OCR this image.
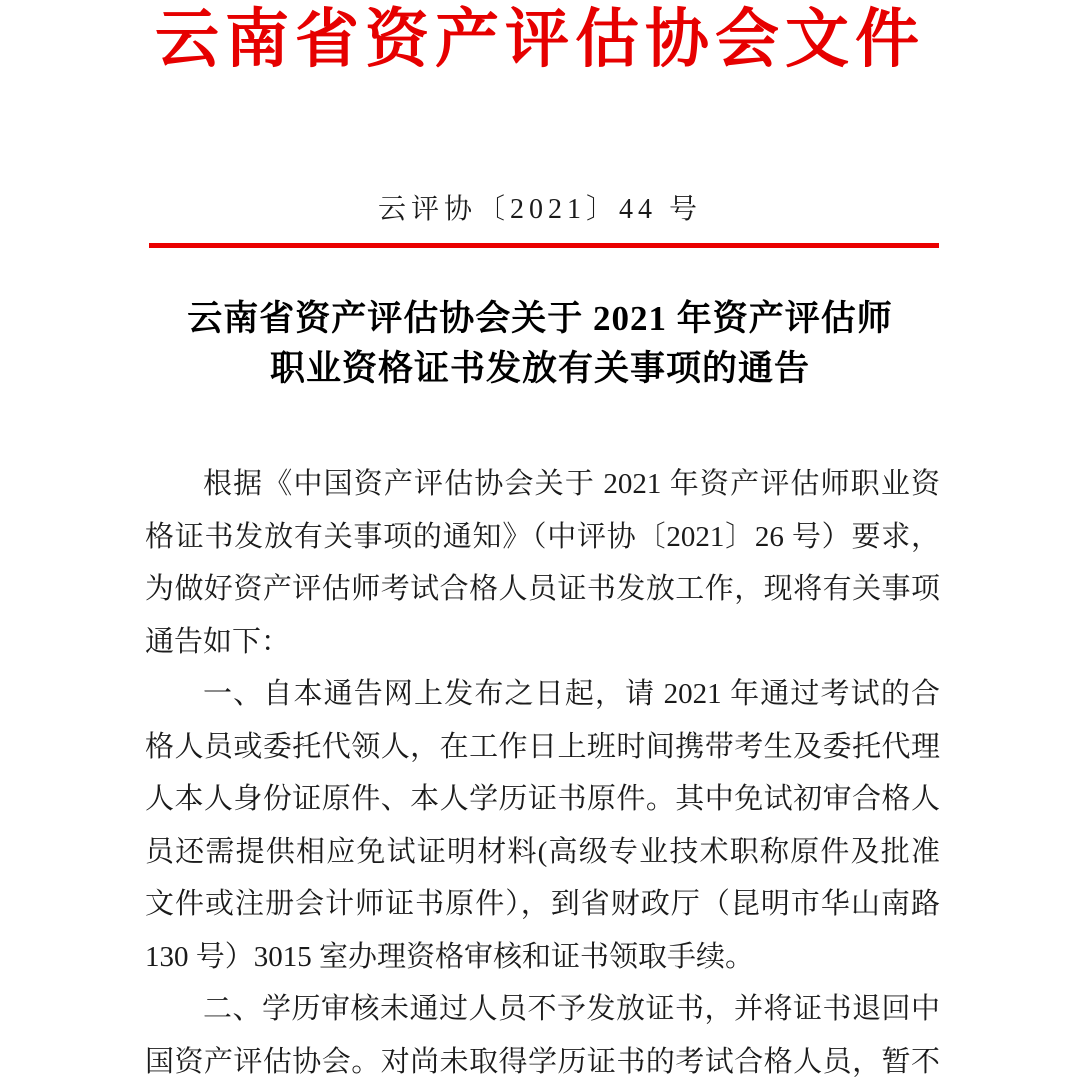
云南省资产评估协会文件
云评协〔2021〕44 号
云南省资产评估协会关于 2021 年资产评估师
职业资格证书发放有关事项的通告
根据《中国资产评估协会关于 2021 年资产评估师职业资
格证书发放有关事项的通知》（中评协〔2021〕26 号）要求，
为做好资产评估师考试合格人员证书发放工作，现将有关事项
通告如下：
一、自本通告网上发布之日起，请 2021 年通过考试的合
格人员或委托代领人，在工作日上班时间携带考生及委托代理
人本人身份证原件、本人学历证书原件。其中免试初审合格人
员还需提供相应免试证明材料(高级专业技术职称原件及批准
文件或注册会计师证书原件），到省财政厅（昆明市华山南路
130 号）3015 室办理资格审核和证书领取手续。
二、学历审核未通过人员不予发放证书，并将证书退回中
国资产评估协会。对尚未取得学历证书的考试合格人员，暂不
